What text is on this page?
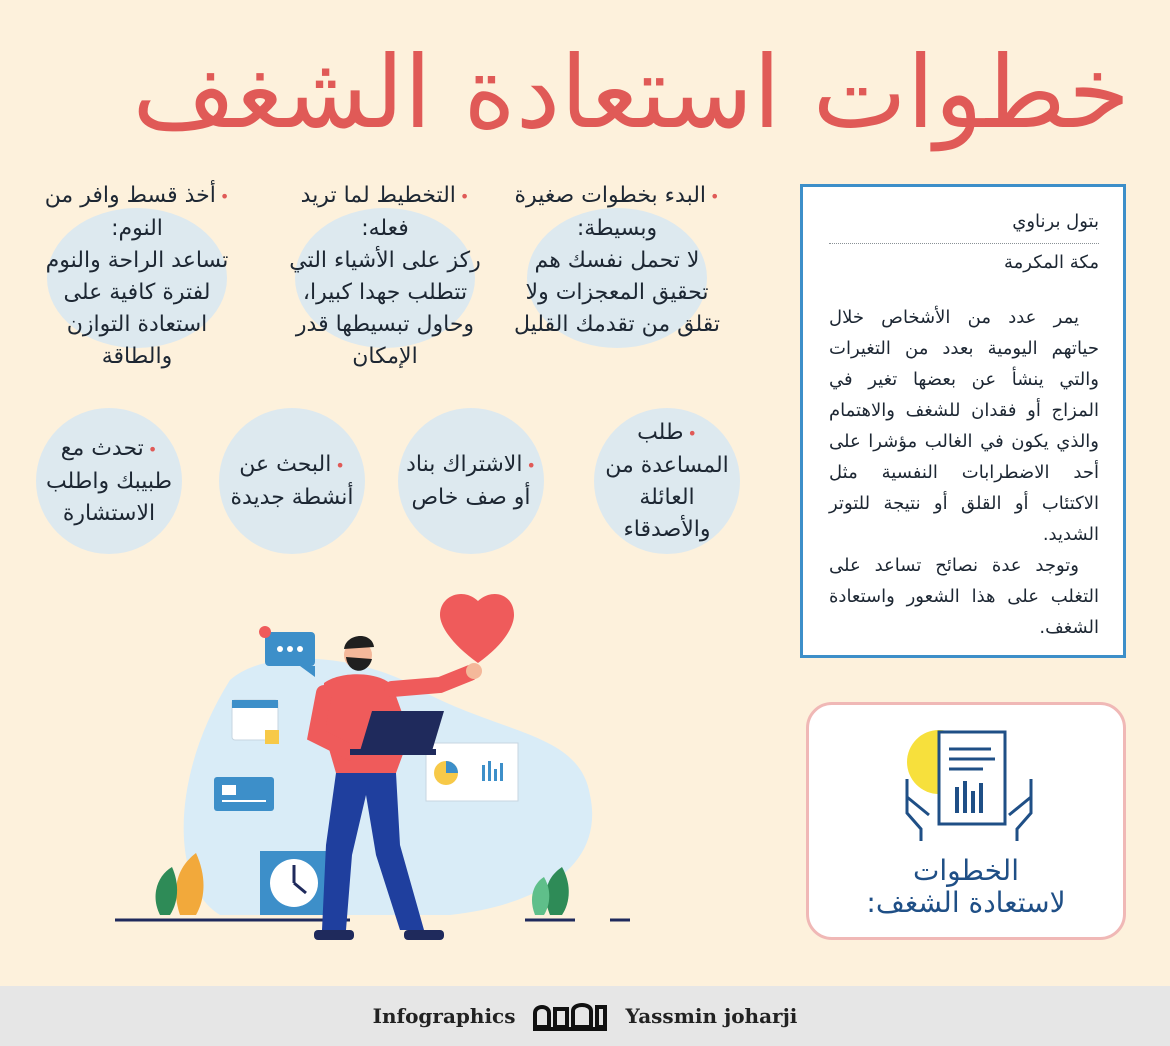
خطوات استعادة الشغف
•البدء بخطوات صغيرة وبسيطة:
لا تحمل نفسك هم تحقيق المعجزات ولا تقلق من تقدمك القليل
•التخطيط لما تريد فعله:
ركز على الأشياء التي تتطلب جهدا كبيرا، وحاول تبسيطها قدر الإمكان
•أخذ قسط وافر من النوم:
تساعد الراحة والنوم لفترة كافية على استعادة التوازن والطاقة
•طلب المساعدة من العائلة والأصدقاء
•الاشتراك بناد أو صف خاص
•البحث عن أنشطة جديدة
•تحدث مع طبيبك واطلب الاستشارة
بتول برناوي
مكة المكرمة

يمر عدد من الأشخاص خلال حياتهم اليومية بعدد من التغيرات والتي ينشأ عن بعضها تغير في المزاج أو فقدان للشغف والاهتمام والذي يكون في الغالب مؤشرا على أحد الاضطرابات النفسية مثل الاكتئاب أو القلق أو نتيجة للتوتر الشديد.

وتوجد عدة نصائح تساعد على التغلب على هذا الشعور واستعادة الشغف.

الخطوات
لاستعادة الشغف:
Infographics	Yassmin joharji
